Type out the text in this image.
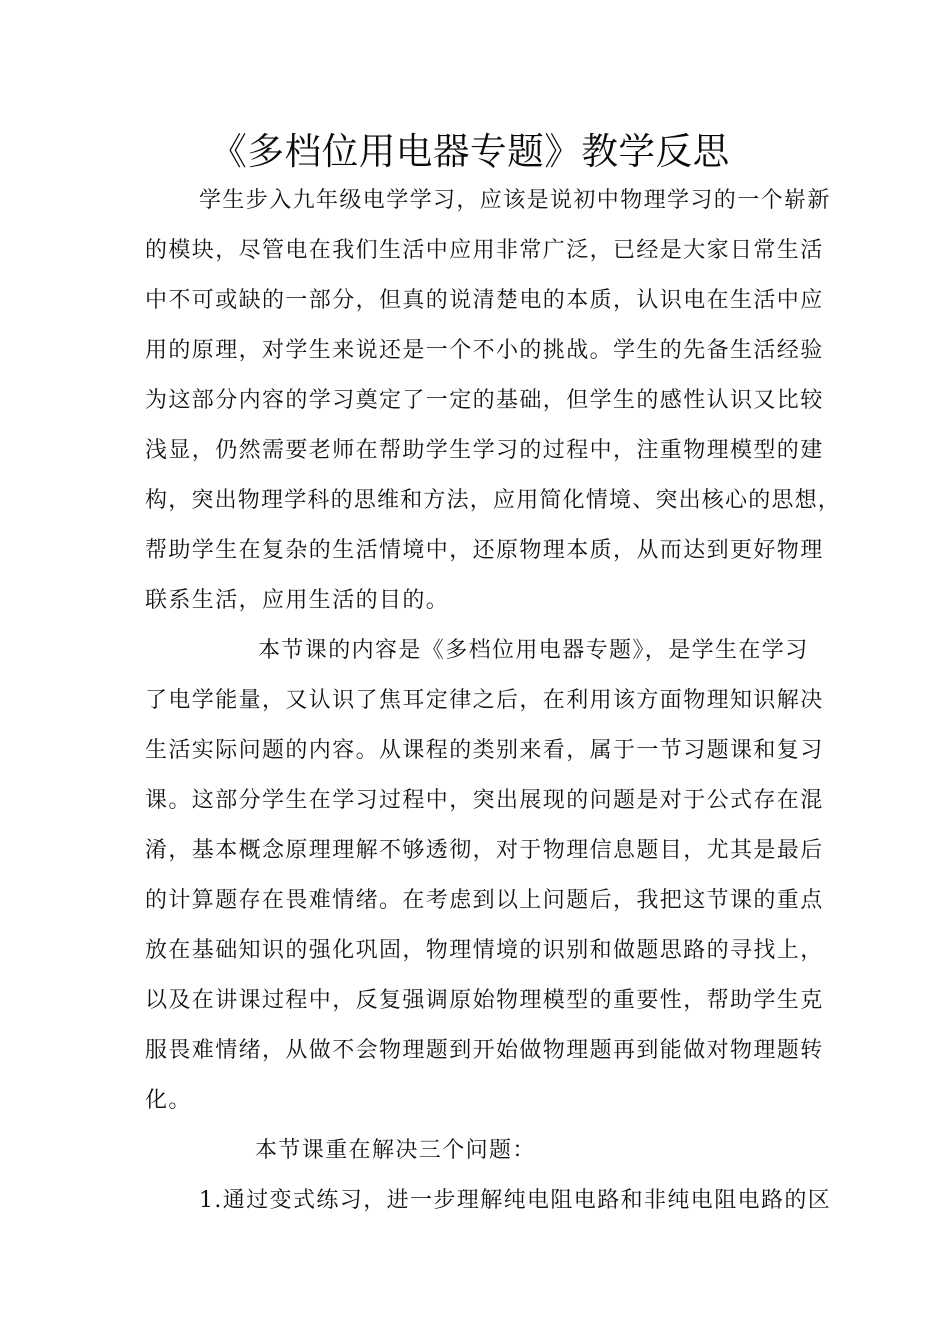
《多档位用电器专题》教学反思
学生步入九年级电学学习，应该是说初中物理学习的一个崭新
的模块，尽管电在我们生活中应用非常广泛，已经是大家日常生活
中不可或缺的一部分，但真的说清楚电的本质，认识电在生活中应
用的原理，对学生来说还是一个不小的挑战。学生的先备生活经验
为这部分内容的学习奠定了一定的基础，但学生的感性认识又比较
浅显，仍然需要老师在帮助学生学习的过程中，注重物理模型的建
构，突出物理学科的思维和方法，应用简化情境、突出核心的思想，
帮助学生在复杂的生活情境中，还原物理本质，从而达到更好物理
联系生活，应用生活的目的。
本节课的内容是《多档位用电器专题》，是学生在学习
了电学能量，又认识了焦耳定律之后，在利用该方面物理知识解决
生活实际问题的内容。从课程的类别来看，属于一节习题课和复习
课。这部分学生在学习过程中，突出展现的问题是对于公式存在混
淆，基本概念原理理解不够透彻，对于物理信息题目，尤其是最后
的计算题存在畏难情绪。在考虑到以上问题后，我把这节课的重点
放在基础知识的强化巩固，物理情境的识别和做题思路的寻找上，
以及在讲课过程中，反复强调原始物理模型的重要性，帮助学生克
服畏难情绪，从做不会物理题到开始做物理题再到能做对物理题转
化。
本节课重在解决三个问题：
1.通过变式练习，进一步理解纯电阻电路和非纯电阻电路的区
